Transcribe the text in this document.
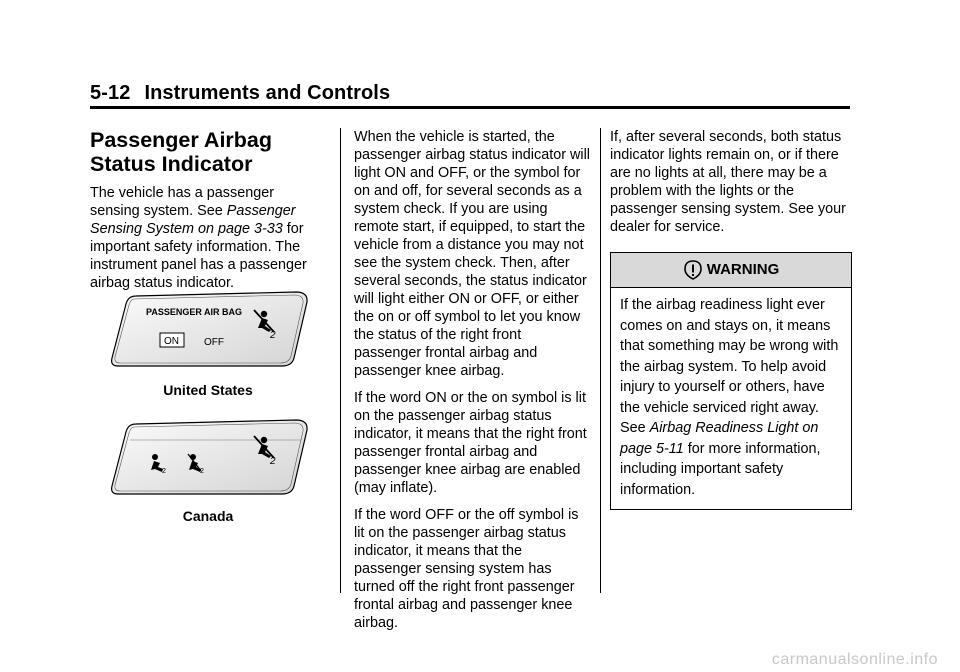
5-12 Instruments and Controls
Passenger Airbag Status Indicator

The vehicle has a passenger sensing system. See Passenger Sensing System on page 3-33 for important safety information. The instrument panel has a passenger airbag status indicator.

PASSENGER AIR BAG
ON	OFF
2
United States
2	2
2
Canada

When the vehicle is started, the passenger airbag status indicator will light ON and OFF, or the symbol for on and off, for several seconds as a system check. If you are using remote start, if equipped, to start the vehicle from a distance you may not see the system check. Then, after several seconds, the status indicator will light either ON or OFF, or either the on or off symbol to let you know the status of the right front passenger frontal airbag and passenger knee airbag.

If the word ON or the on symbol is lit on the passenger airbag status indicator, it means that the right front passenger frontal airbag and passenger knee airbag are enabled (may inflate).

If the word OFF or the off symbol is lit on the passenger airbag status indicator, it means that the passenger sensing system has turned off the right front passenger frontal airbag and passenger knee airbag.

If, after several seconds, both status indicator lights remain on, or if there are no lights at all, there may be a problem with the lights or the passenger sensing system. See your dealer for service.

WARNING
If the airbag readiness light ever comes on and stays on, it means that something may be wrong with the airbag system. To help avoid injury to yourself or others, have the vehicle serviced right away. See Airbag Readiness Light on page 5-11 for more information, including important safety information.
carmanualsonline.info
